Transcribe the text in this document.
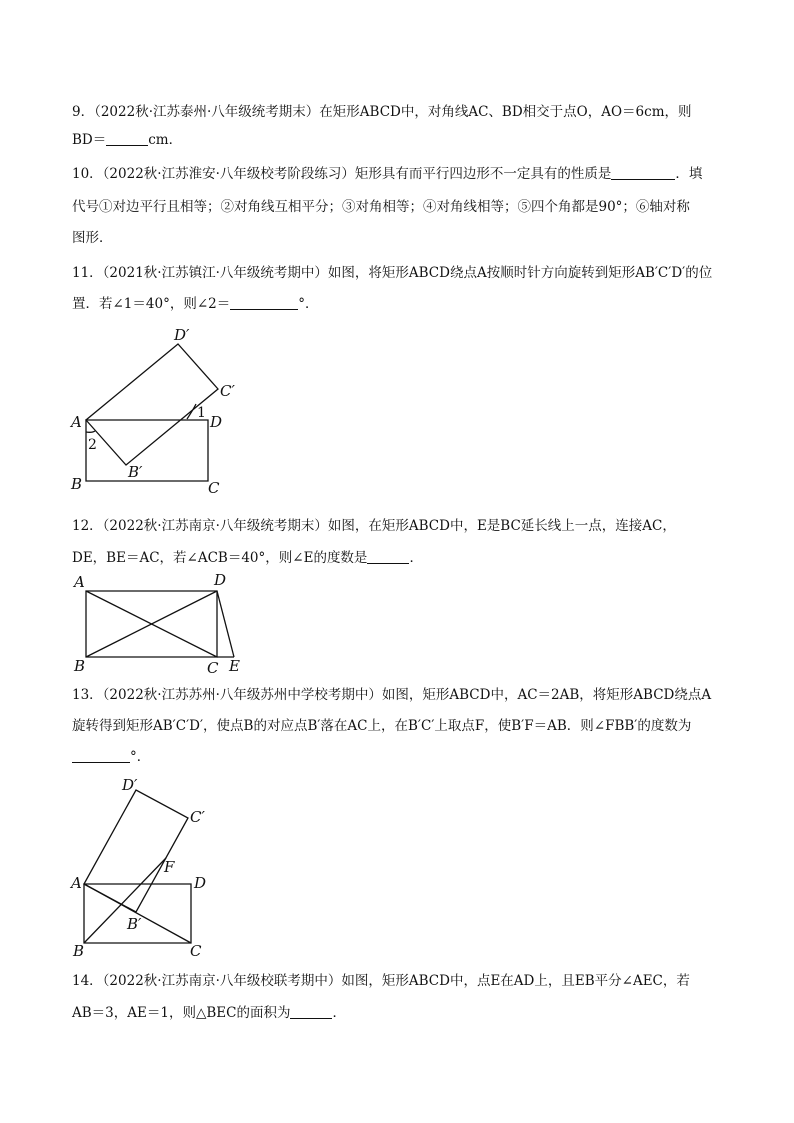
9．（2022秋·江苏泰州·八年级统考期末）在矩形ABCD中，对角线AC、BD相交于点O，AO＝6cm，则
BD＝	cm．
10．（2022秋·江苏淮安·八年级校考阶段练习）矩形具有而平行四边形不一定具有的性质是	．填
代号①对边平行且相等；②对角线互相平分；③对角相等；④对角线相等；⑤四个角都是90°；⑥轴对称
图形．
11．（2021秋·江苏镇江·八年级统考期中）如图，将矩形ABCD绕点A按顺时针方向旋转到矩形AB′C′D′的位
置．若∠1＝40°，则∠2＝	°．
D′
C′
A	D
1
2
B′
B	C
12．（2022秋·江苏南京·八年级统考期末）如图，在矩形ABCD中，E是BC延长线上一点，连接AC，
DE，BE＝AC，若∠ACB＝40°，则∠E的度数是	．
A	D
B	C E
13．（2022秋·江苏苏州·八年级苏州中学校考期中）如图，矩形ABCD中，AC＝2AB，将矩形ABCD绕点A
旋转得到矩形AB′C′D′，使点B的对应点B′落在AC上，在B′C′上取点F，使B′F＝AB．则∠FBB′的度数为
°．
D′
C′
F
A	D
B′
B	C
14．（2022秋·江苏南京·八年级校联考期中）如图，矩形ABCD中，点E在AD上，且EB平分∠AEC，若
AB＝3，AE＝1，则△BEC的面积为	．
